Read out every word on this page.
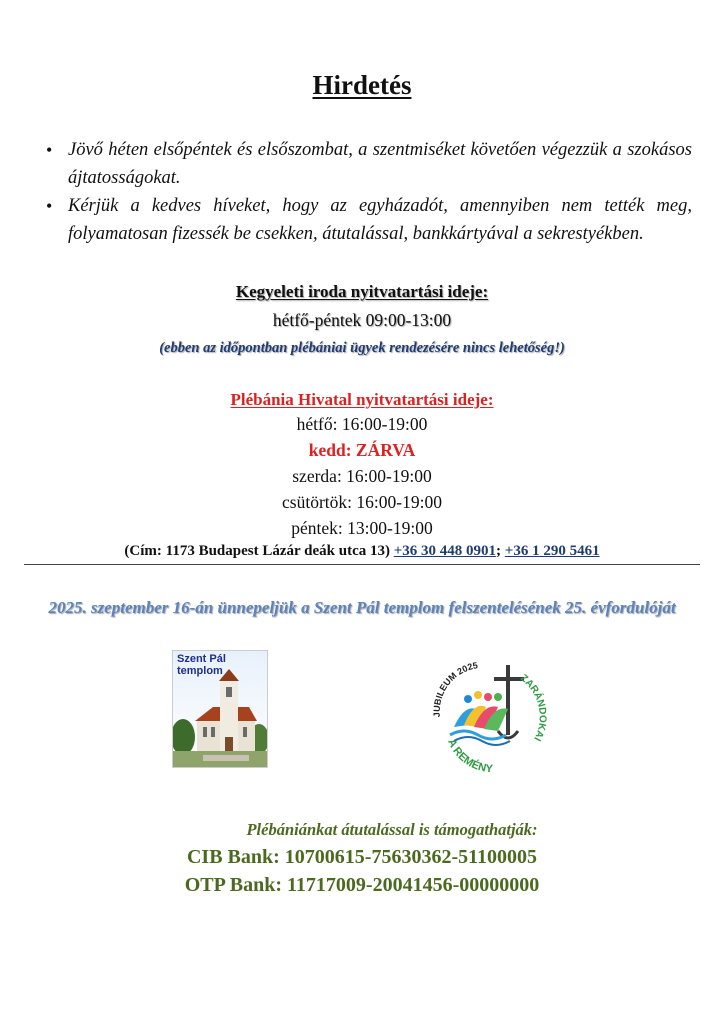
Hirdetés
• Jövő héten elsőpéntek és elsőszombat, a szentmiséket követően végezzük a szokásos ájtatosságokat.
• Kérjük a kedves híveket, hogy az egyházadót, amennyiben nem tették meg, folyamatosan fizessék be csekken, átutalással, bankkártyával a sekrestyékben.
Kegyeleti iroda nyitvatartási ideje:
hétfő-péntek 09:00-13:00
(ebben az időpontban plébániai ügyek rendezésére nincs lehetőség!)
Plébánia Hivatal nyitvatartási ideje:
hétfő: 16:00-19:00
kedd: ZÁRVA
szerda: 16:00-19:00
csütörtök: 16:00-19:00
péntek: 13:00-19:00
(Cím: 1173 Budapest Lázár deák utca 13) +36 30 448 0901; +36 1 290 5461
2025. szeptember 16-án ünnepeljük a Szent Pál templom felszentelésének 25. évfordulóját
Szent Pál
templom
JUBILEUM 2025
ZARÁNDOKAI
A REMÉNY
Plébániánkat átutalással is támogathatják:
CIB Bank: 10700615-75630362-51100005
OTP Bank: 11717009-20041456-00000000
